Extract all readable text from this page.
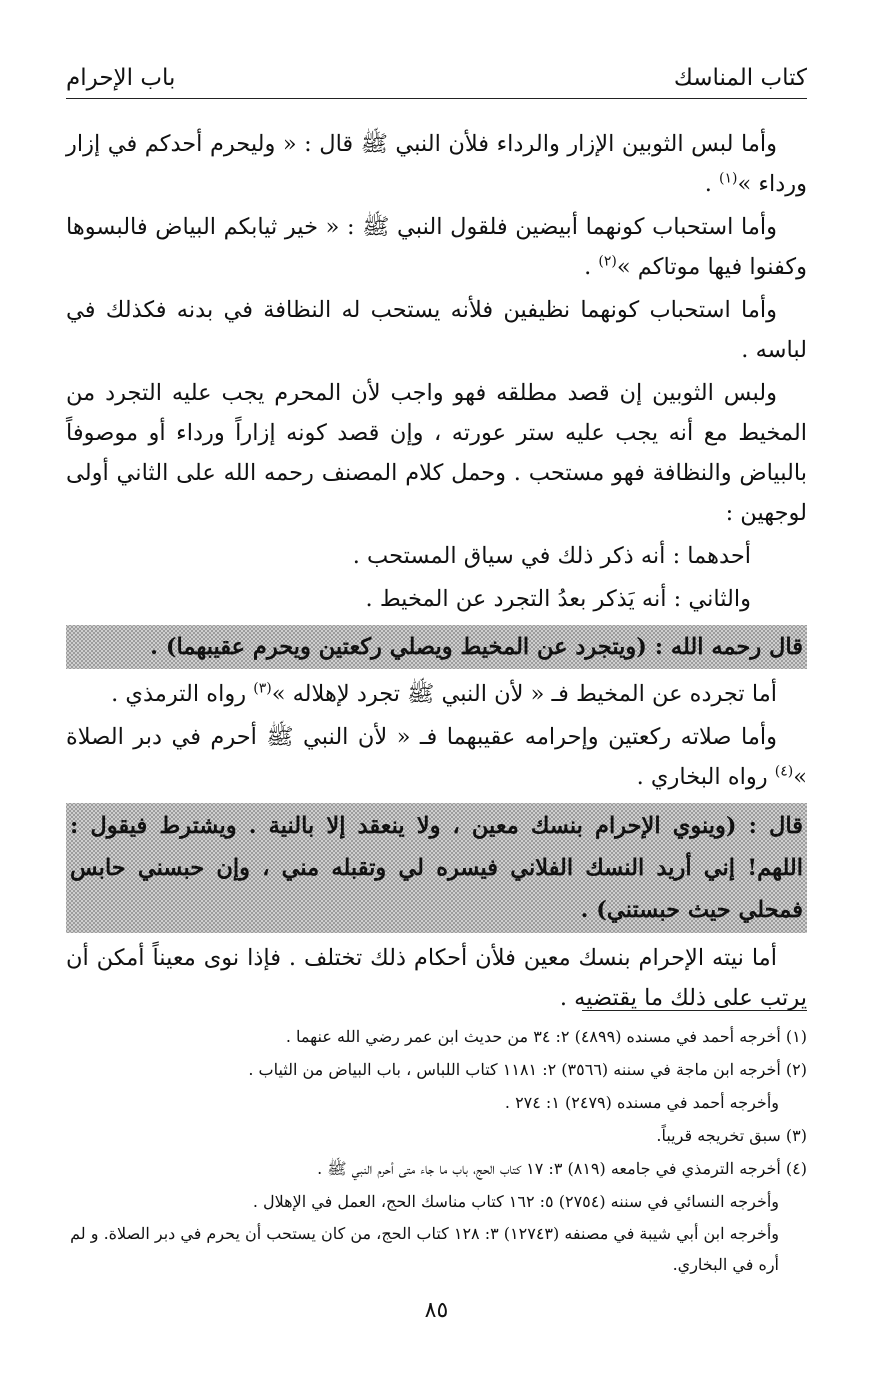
كتاب المناسك
باب الإحرام

وأما لبس الثوبين الإزار والرداء فلأن النبي ﷺ قال : « وليحرم أحدكم في إزار ورداء »$^{(١)}$ .

وأما استحباب كونهما أبيضين فلقول النبي ﷺ : « خير ثيابكم البياض فالبسوها وكفنوا فيها موتاكم »$^{(٢)}$ .

وأما استحباب كونهما نظيفين فلأنه يستحب له النظافة في بدنه فكذلك في لباسه .

ولبس الثوبين إن قصد مطلقه فهو واجب لأن المحرم يجب عليه التجرد من المخيط مع أنه يجب عليه ستر عورته ، وإن قصد كونه إزاراً ورداء أو موصوفاً بالبياض والنظافة فهو مستحب . وحمل كلام المصنف رحمه الله على الثاني أولى لوجهين :

أحدهما : أنه ذكر ذلك في سياق المستحب .

والثاني : أنه يَذكر بعدُ التجرد عن المخيط .

قال رحمه الله : (ويتجرد عن المخيط ويصلي ركعتين ويحرم عقيبهما) .

أما تجرده عن المخيط فـ « لأن النبي ﷺ تجرد لإهلاله »$^{(٣)}$ رواه الترمذي .

وأما صلاته ركعتين وإحرامه عقيبهما فـ « لأن النبي ﷺ أحرم في دبر الصلاة »$^{(٤)}$ رواه البخاري .

قال : (وينوي الإحرام بنسك معين ، ولا ينعقد إلا بالنية . ويشترط فيقول : اللهم! إني أريد النسك الفلاني فيسره لي وتقبله مني ، وإن حبسني حابس فمحلي حيث حبستني) .

أما نيته الإحرام بنسك معين فلأن أحكام ذلك تختلف . فإذا نوى معيناً أمكن أن يرتب على ذلك ما يقتضيه .

(١) أخرجه أحمد في مسنده (٤٨٩٩) ٢: ٣٤ من حديث ابن عمر رضي الله عنهما .

(٢) أخرجه ابن ماجة في سننه (٣٥٦٦) ٢: ١١٨١ كتاب اللباس ، باب البياض من الثياب .

وأخرجه أحمد في مسنده (٢٤٧٩) ١: ٢٧٤ .

(٣) سبق تخريجه قريباً.

(٤) أخرجه الترمذي في جامعه (٨١٩) ٣: ١٧ كتاب الحج، باب ما جاء متى أحرم النبي ﷺ .

وأخرجه النسائي في سننه (٢٧٥٤) ٥: ١٦٢ كتاب مناسك الحج، العمل في الإهلال .

وأخرجه ابن أبي شيبة في مصنفه (١٢٧٤٣) ٣: ١٢٨ كتاب الحج، من كان يستحب أن يحرم في دبر الصلاة. و لم أره في البخاري.

٨٥
